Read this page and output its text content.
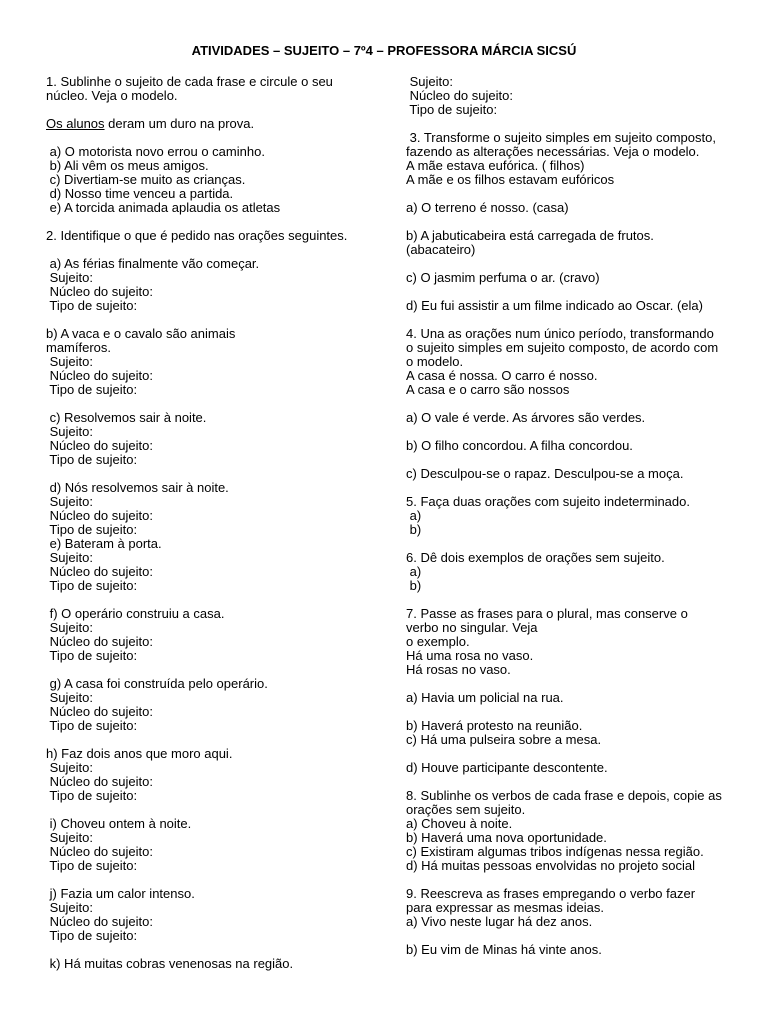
ATIVIDADES – SUJEITO – 7º4 – PROFESSORA MÁRCIA SICSÚ
1. Sublinhe o sujeito de cada frase e circule o seu
núcleo. Veja o modelo.
Os alunos deram um duro na prova.
a) O motorista novo errou o caminho.
b) Ali vêm os meus amigos.
c) Divertiam-se muito as crianças.
d) Nosso time venceu a partida.
e) A torcida animada aplaudia os atletas
2. Identifique o que é pedido nas orações seguintes.
a) As férias finalmente vão começar.
Sujeito:
Núcleo do sujeito:
Tipo de sujeito:
b) A vaca e o cavalo são animais
mamíferos.
Sujeito:
Núcleo do sujeito:
Tipo de sujeito:
c) Resolvemos sair à noite.
Sujeito:
Núcleo do sujeito:
Tipo de sujeito:
d) Nós resolvemos sair à noite.
Sujeito:
Núcleo do sujeito:
Tipo de sujeito:
e) Bateram à porta.
Sujeito:
Núcleo do sujeito:
Tipo de sujeito:
f) O operário construiu a casa.
Sujeito:
Núcleo do sujeito:
Tipo de sujeito:
g) A casa foi construída pelo operário.
Sujeito:
Núcleo do sujeito:
Tipo de sujeito:
h) Faz dois anos que moro aqui.
Sujeito:
Núcleo do sujeito:
Tipo de sujeito:
i) Choveu ontem à noite.
Sujeito:
Núcleo do sujeito:
Tipo de sujeito:
j) Fazia um calor intenso.
Sujeito:
Núcleo do sujeito:
Tipo de sujeito:
k) Há muitas cobras venenosas na região.
Sujeito:
Núcleo do sujeito:
Tipo de sujeito:
3. Transforme o sujeito simples em sujeito composto,
fazendo as alterações necessárias. Veja o modelo.
A mãe estava eufórica. ( filhos)
A mãe e os filhos estavam eufóricos
a) O terreno é nosso. (casa)
b) A jabuticabeira está carregada de frutos.
(abacateiro)
c) O jasmim perfuma o ar. (cravo)
d) Eu fui assistir a um filme indicado ao Oscar. (ela)
4. Una as orações num único período, transformando
o sujeito simples em sujeito composto, de acordo com
o modelo.
A casa é nossa. O carro é nosso.
A casa e o carro são nossos
a) O vale é verde. As árvores são verdes.
b) O filho concordou. A filha concordou.
c) Desculpou-se o rapaz. Desculpou-se a moça.
5. Faça duas orações com sujeito indeterminado.
a)
b)
6. Dê dois exemplos de orações sem sujeito.
a)
b)
7. Passe as frases para o plural, mas conserve o
verbo no singular. Veja
o exemplo.
Há uma rosa no vaso.
Há rosas no vaso.
a) Havia um policial na rua.
b) Haverá protesto na reunião.
c) Há uma pulseira sobre a mesa.
d) Houve participante descontente.
8. Sublinhe os verbos de cada frase e depois, copie as
orações sem sujeito.
a) Choveu à noite.
b) Haverá uma nova oportunidade.
c) Existiram algumas tribos indígenas nessa região.
d) Há muitas pessoas envolvidas no projeto social
9. Reescreva as frases empregando o verbo fazer
para expressar as mesmas ideias.
a) Vivo neste lugar há dez anos.
b) Eu vim de Minas há vinte anos.
